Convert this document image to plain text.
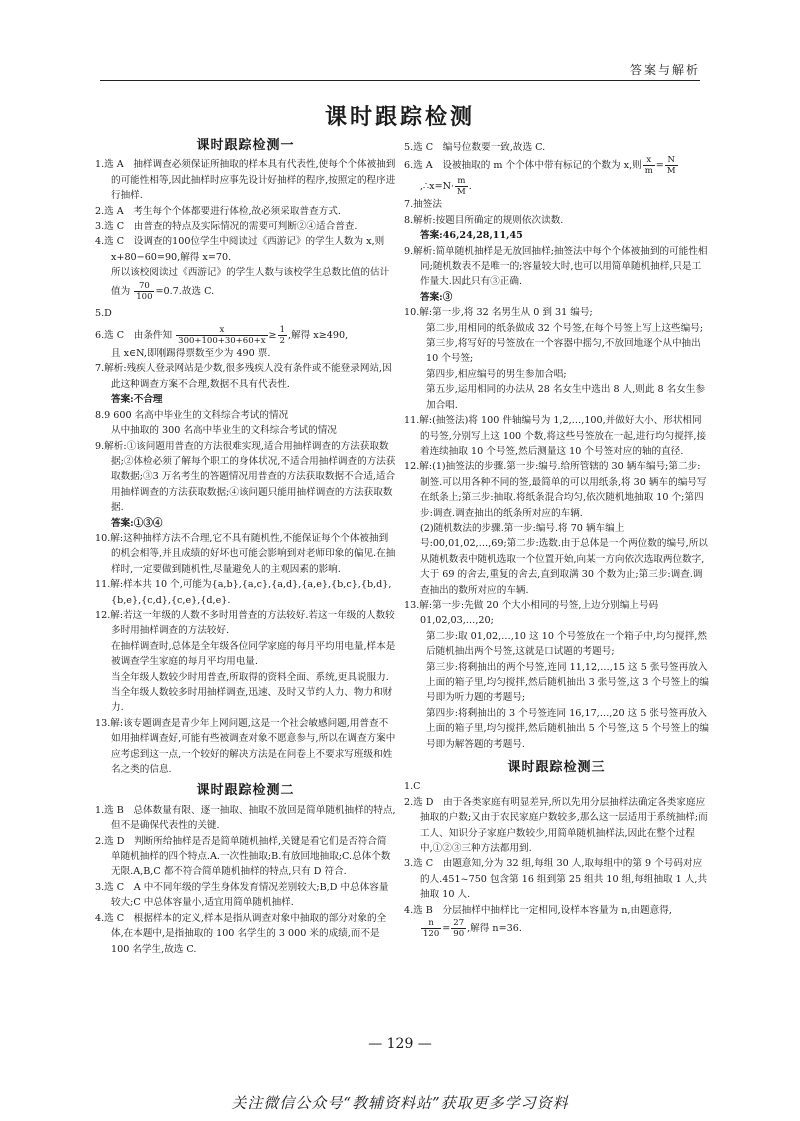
答案与解析
课时跟踪检测
课时跟踪检测一

1.选 A　抽样调查必须保证所抽取的样本具有代表性,使每个个体被抽到的可能性相等,因此抽样时应事先设计好抽样的程序,按照定的程序进行抽样.

2.选 A　考生每个个体都要进行体检,故必须采取普查方式.

3.选 C　由普查的特点及实际情况的需要可判断②④适合普查.

4.选 C　设调查的100位学生中阅读过《西游记》的学生人数为 x,则 x+80−60=90,解得 x=70.

所以该校阅读过《西游记》的学生人数与该校学生总数比值的估计值为 $\frac{70}{100} =0.7$.故选 C.

5.D

6.选 C　由条件知 $\frac{x}{300+100+30+60+x} \ge \frac{1}{2}$ ,解得 x≥490,

且 x∈N,即刚踢得票数至少为 490 票.

7.解析:残疾人登录网站是少数,很多残疾人没有条件或不能登录网站,因此这种调查方案不合理,数据不具有代表性.

答案:不合理

8.9 600 名高中毕业生的文科综合考试的情况

从中抽取的 300 名高中毕业生的文科综合考试的情况

9.解析:①该问题用普查的方法很难实现,适合用抽样调查的方法获取数据;②体检必须了解每个职工的身体状况,不适合用抽样调查的方法获取数据;③3 万名考生的答题情况用普查的方法获取数据不合适,适合用抽样调查的方法获取数据;④该问题只能用抽样调查的方法获取数据.

答案:①③④

10.解:这种抽样方法不合理,它不具有随机性,不能保证每个个体被抽到的机会相等,并且成绩的好坏也可能会影响到对老师印象的偏见.在抽样时,一定要做到随机性,尽量避免人的主观因素的影响.

11.解:样本共 10 个,可能为{a,b},{a,c},{a,d},{a,e},{b,c},{b,d},{b,e},{c,d},{c,e},{d,e}.

12.解:若这一年级的人数不多时用普查的方法较好.若这一年级的人数较多时用抽样调查的方法较好.

在抽样调查时,总体是全年级各位同学家庭的每月平均用电量,样本是被调查学生家庭的每月平均用电量.

当全年级人数较少时用普查,所取得的资料全面、系统,更具说服力.当全年级人数较多时用抽样调查,迅速、及时又节约人力、物力和财力.

13.解:该专题调查是青少年上网问题,这是一个社会敏感问题,用普查不如用抽样调查好,可能有些被调查对象不愿意参与,所以在调查方案中应考虑到这一点,一个较好的解决方法是在问卷上不要求写班级和姓名之类的信息.

课时跟踪检测二

1.选 B　总体数量有限、逐一抽取、抽取不放回是简单随机抽样的特点,但不是确保代表性的关键.

2.选 D　判断所给抽样是否是简单随机抽样,关键是看它们是否符合简单随机抽样的四个特点.A.一次性抽取;B.有放回地抽取;C.总体个数无限.A,B,C 都不符合简单随机抽样的特点,只有 D 符合.

3.选 C　A 中不同年级的学生身体发育情况差别较大;B,D 中总体容量较大;C 中总体容量小,适宜用简单随机抽样.

4.选 C　根据样本的定义,样本是指从调查对象中抽取的部分对象的全体,在本题中,是指抽取的 100 名学生的 3 000 米的成绩,而不是 100 名学生,故选 C.

5.选 C　编号位数要一致,故选 C.

6.选 A　设被抽取的 m 个个体中带有标记的个数为 x,则 $\frac{x}{m} = \frac{N}{M}$
,∴x=N· $\frac{m}{M}$ .

7.抽签法

8.解析:按题目所确定的规则依次读数.

答案:46,24,28,11,45

9.解析:简单随机抽样是无放回抽样;抽签法中每个个体被抽到的可能性相同;随机数表不是唯一的;容量较大时,也可以用简单随机抽样,只是工作量大.因此只有③正确.

答案:③

10.解:第一步,将 32 名男生从 0 到 31 编号;

第二步,用相同的纸条做成 32 个号签,在每个号签上写上这些编号;

第三步,将写好的号签放在一个容器中摇匀,不放回地逐个从中抽出 10 个号签;

第四步,相应编号的男生参加合唱;

第五步,运用相同的办法从 28 名女生中选出 8 人,则此 8 名女生参加合唱.

11.解:(抽签法)将 100 件轴编号为 1,2,…,100,并做好大小、形状相同的号签,分别写上这 100 个数,将这些号签放在一起,进行均匀搅拌,接着连续抽取 10 个号签,然后测量这 10 个号签对应的轴的直径.

12.解:(1)抽签法的步骤.第一步:编号.给所管辖的 30 辆车编号;第二步:制签.可以用各种不同的签,最简单的可以用纸条,将 30 辆车的编号写在纸条上;第三步:抽取.将纸条混合均匀,依次随机地抽取 10 个;第四步:调查.调查抽出的纸条所对应的车辆.

(2)随机数法的步骤.第一步:编号.将 70 辆车编上号:00,01,02,…,69;第二步:选数.由于总体是一个两位数的编号,所以从随机数表中随机选取一个位置开始,向某一方向依次选取两位数字,大于 69 的舍去,重复的舍去,直到取满 30 个数为止;第三步:调查.调查抽出的数所对应的车辆.

13.解:第一步:先做 20 个大小相同的号签,上边分别编上号码 01,02,03,…,20;

第二步:取 01,02,…,10 这 10 个号签放在一个箱子中,均匀搅拌,然后随机抽出两个号签,这就是口试题的考题号;

第三步:将剩抽出的两个号签,连同 11,12,…,15 这 5 张号签再放入上面的箱子里,均匀搅拌,然后随机抽出 3 张号签,这 3 个号签上的编号即为听力题的考题号;

第四步:将剩抽出的 3 个号签连同 16,17,…,20 这 5 张号签再放入上面的箱子里,均匀搅拌,然后随机抽出 5 个号签,这 5 个号签上的编号即为解答题的考题号.

课时跟踪检测三

1.C

2.选 D　由于各类家庭有明显差异,所以先用分层抽样法确定各类家庭应抽取的户数;又由于农民家庭户数较多,那么这一层适用于系统抽样;而工人、知识分子家庭户数较少,用简单随机抽样法,因此在整个过程中,①②③三种方法都用到.

3.选 C　由题意知,分为 32 组,每组 30 人,取每组中的第 9 个号码对应的人.451~750 包含第 16 组到第 25 组共 10 组,每组抽取 1 人,共抽取 10 人.

4.选 B　分层抽样中抽样比一定相同,设样本容量为 n,由题意得,

$\frac{n}{120} = \frac{27}{90}$ ,解得 n=36.

— 129 —
关注微信公众号“教辅资料站”获取更多学习资料
